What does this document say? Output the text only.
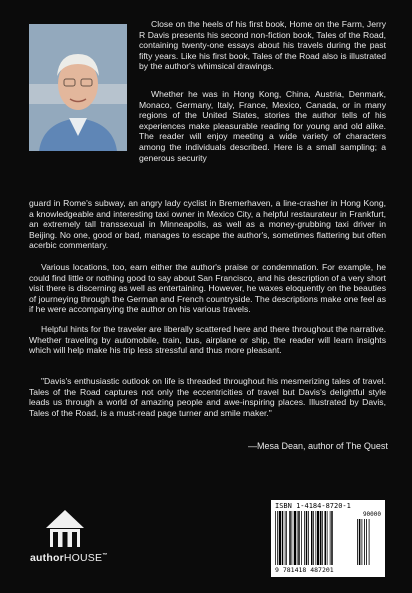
Close on the heels of his first book, Home on the Farm, Jerry R Davis presents his second non-fiction book, Tales of the Road, containing twenty-one essays about his travels during the past fifty years. Like his first book, Tales of the Road also is illustrated by the author's whimsical drawings.

Whether he was in Hong Kong, China, Austria, Denmark, Monaco, Germany, Italy, France, Mexico, Canada, or in many regions of the United States, stories the author tells of his experiences make pleasurable reading for young and old alike. The reader will enjoy meeting a wide variety of characters among the individuals described. Here is a small sampling; a generous security

guard in Rome's subway, an angry lady cyclist in Bremerhaven, a line-crasher in Hong Kong, a knowledgeable and interesting taxi owner in Mexico City, a helpful restaurateur in Frankfurt, an extremely tall transsexual in Minneapolis, as well as a money-grubbing taxi driver in Beijing. No one, good or bad, manages to escape the author's, sometimes flattering but often acerbic commentary.

Various locations, too, earn either the author's praise or condemnation. For example, he could find little or nothing good to say about San Francisco, and his description of a very short visit there is discerning as well as entertaining. However, he waxes eloquently on the beauties of journeying through the German and French countryside. The descriptions make one feel as if he were accompanying the author on his various travels.

Helpful hints for the traveler are liberally scattered here and there throughout the narrative. Whether traveling by automobile, train, bus, airplane or ship, the reader will learn insights which will help make his trip less stressful and thus more pleasant.

"Davis's enthusiastic outlook on life is threaded throughout his mesmerizing tales of travel. Tales of the Road captures not only the eccentricities of travel but Davis's delightful style leads us through a world of amazing people and awe-inspiring places. Illustrated by Davis, Tales of the Road, is a must-read page turner and smile maker."

—Mesa Dean, author of The Quest
authorHOUSE™
ISBN 1-4184-8720-1
90000
9 781418 487201
